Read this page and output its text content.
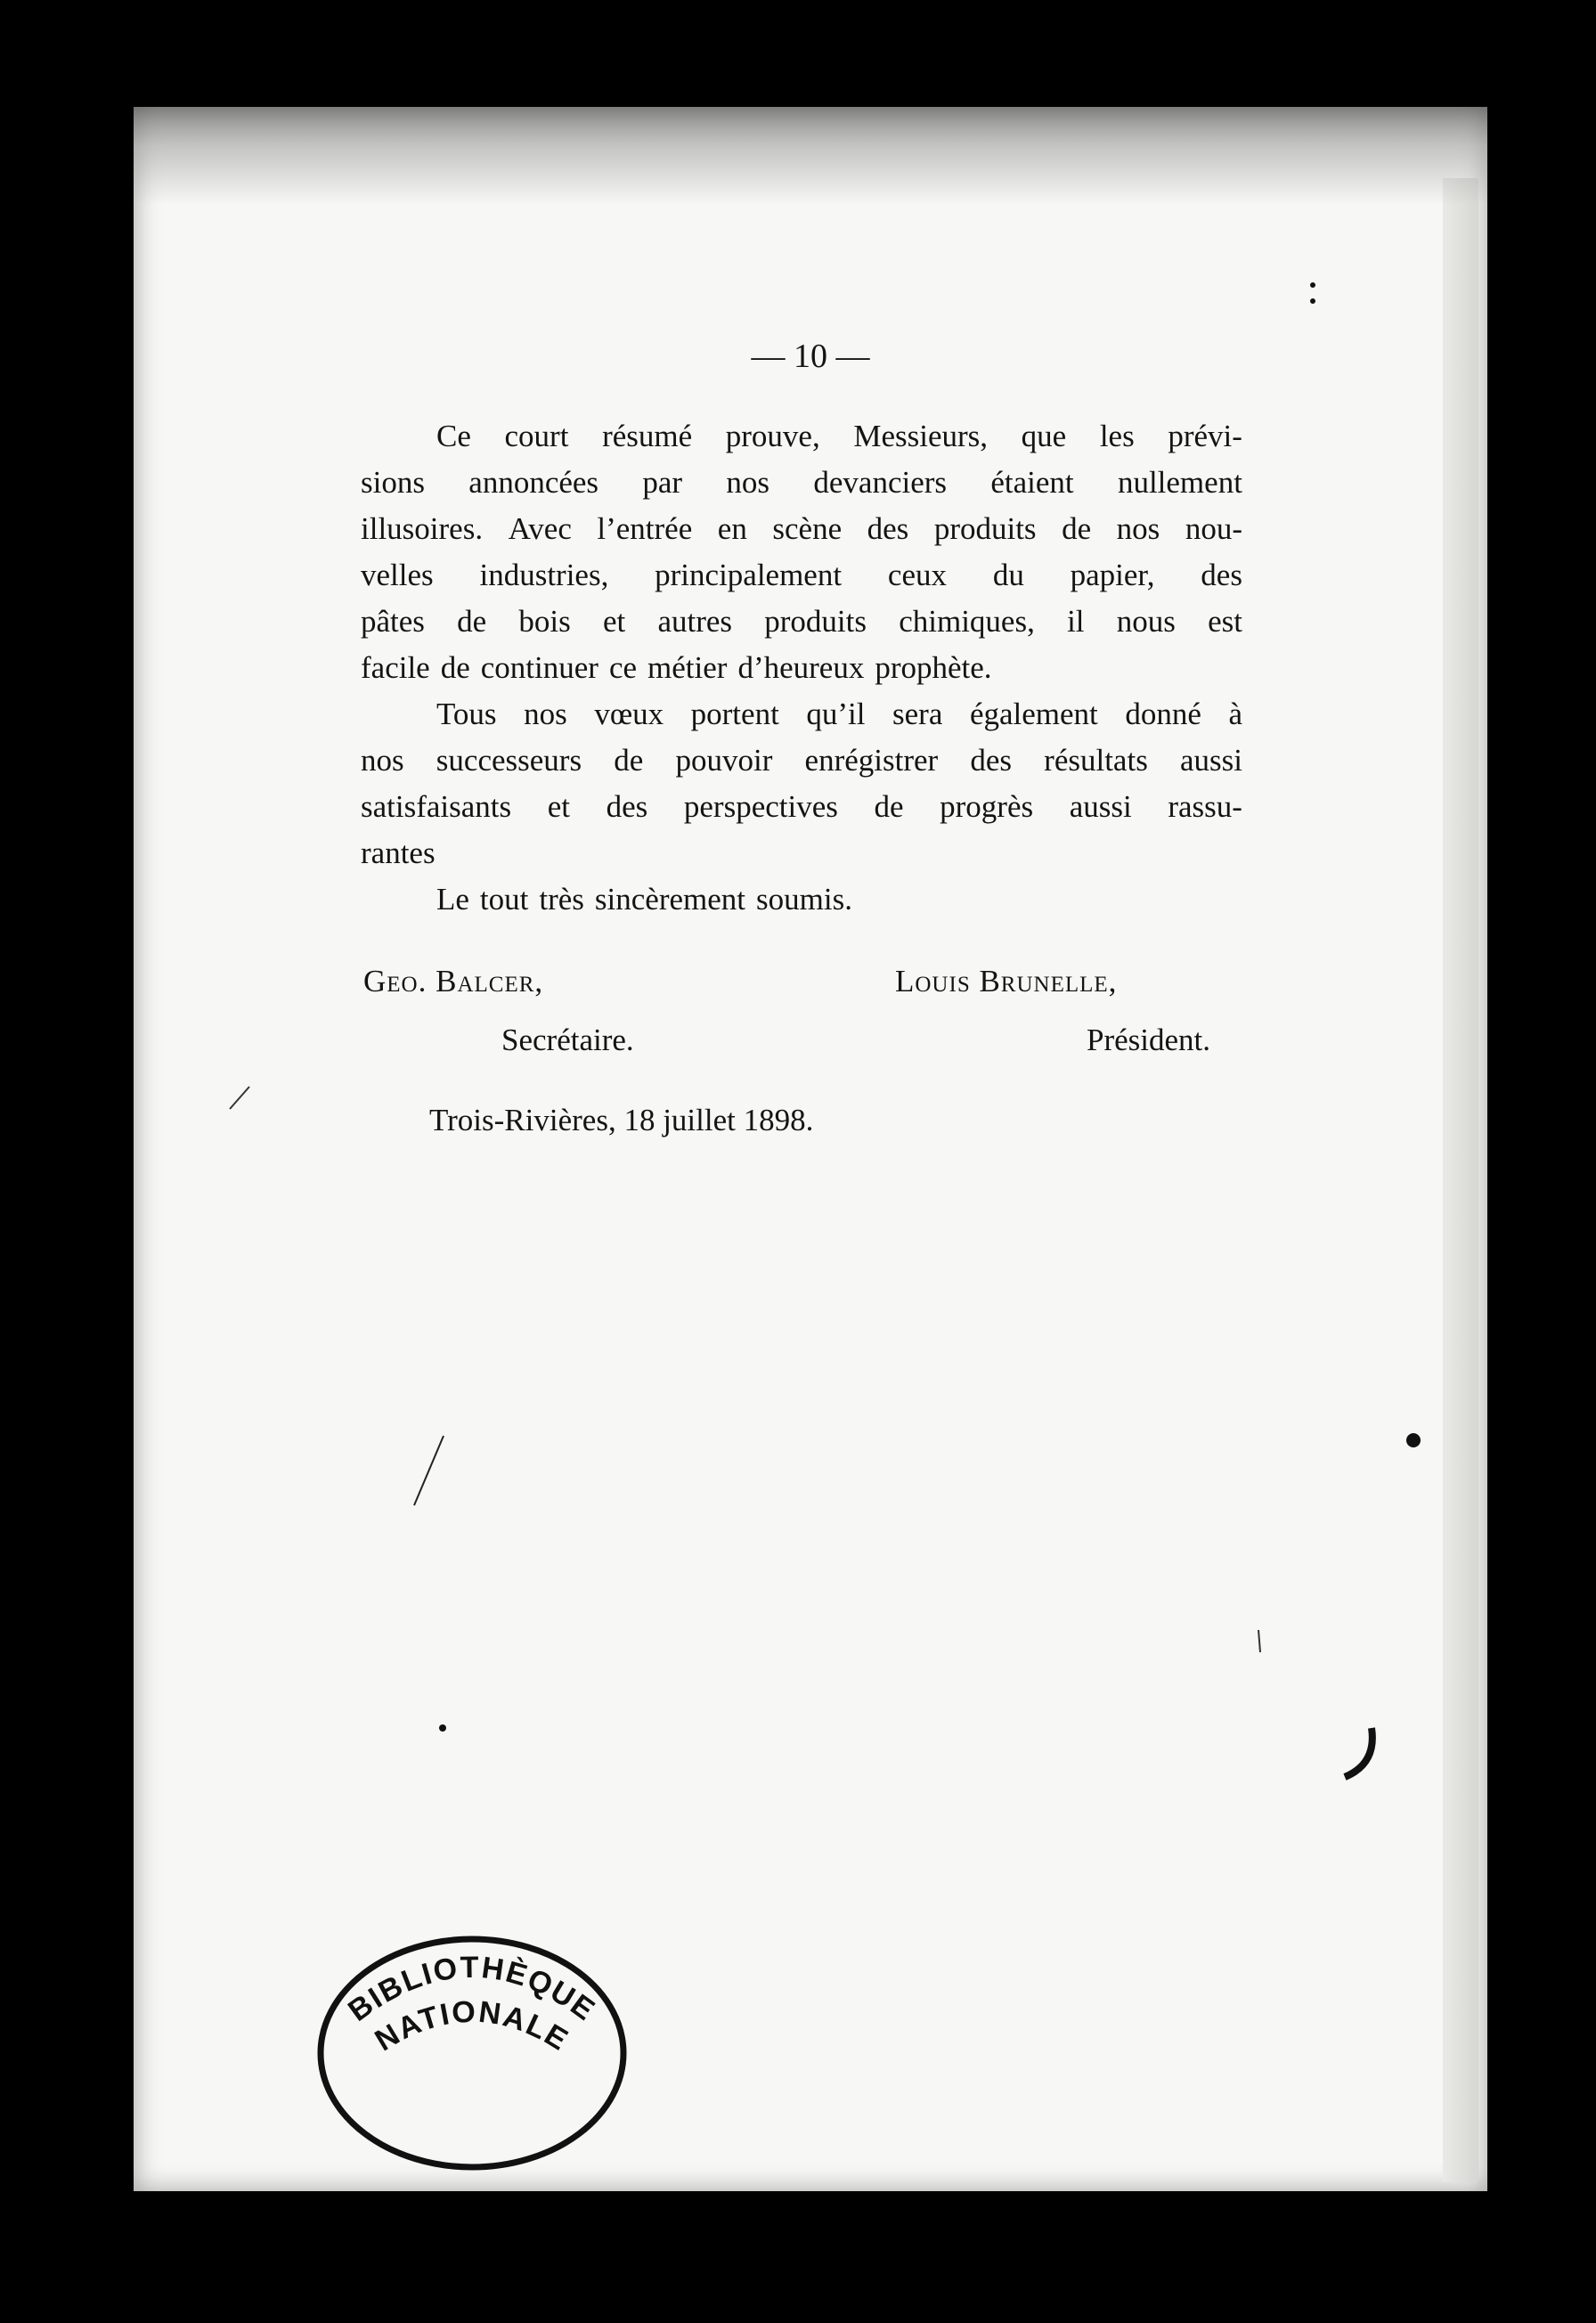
— 10 —
Ce court résumé prouve, Messieurs, que les prévi-
sions annoncées par nos devanciers étaient nullement
illusoires. Avec l’entrée en scène des produits de nos nou-
velles industries, principalement ceux du papier, des
pâtes de bois et autres produits chimiques, il nous est
facile de continuer ce métier d’heureux prophète.
Tous nos vœux portent qu’il sera également donné à
nos successeurs de pouvoir enrégistrer des résultats aussi
satisfaisants et des perspectives de progrès aussi rassu-
rantes
Le tout très sincèrement soumis.
Geo. Balcer,
Secrétaire.
Louis Brunelle,
Président.
Trois-Rivières, 18 juillet 1898.
BIBLIOTHÈQUE
NATIONALE
